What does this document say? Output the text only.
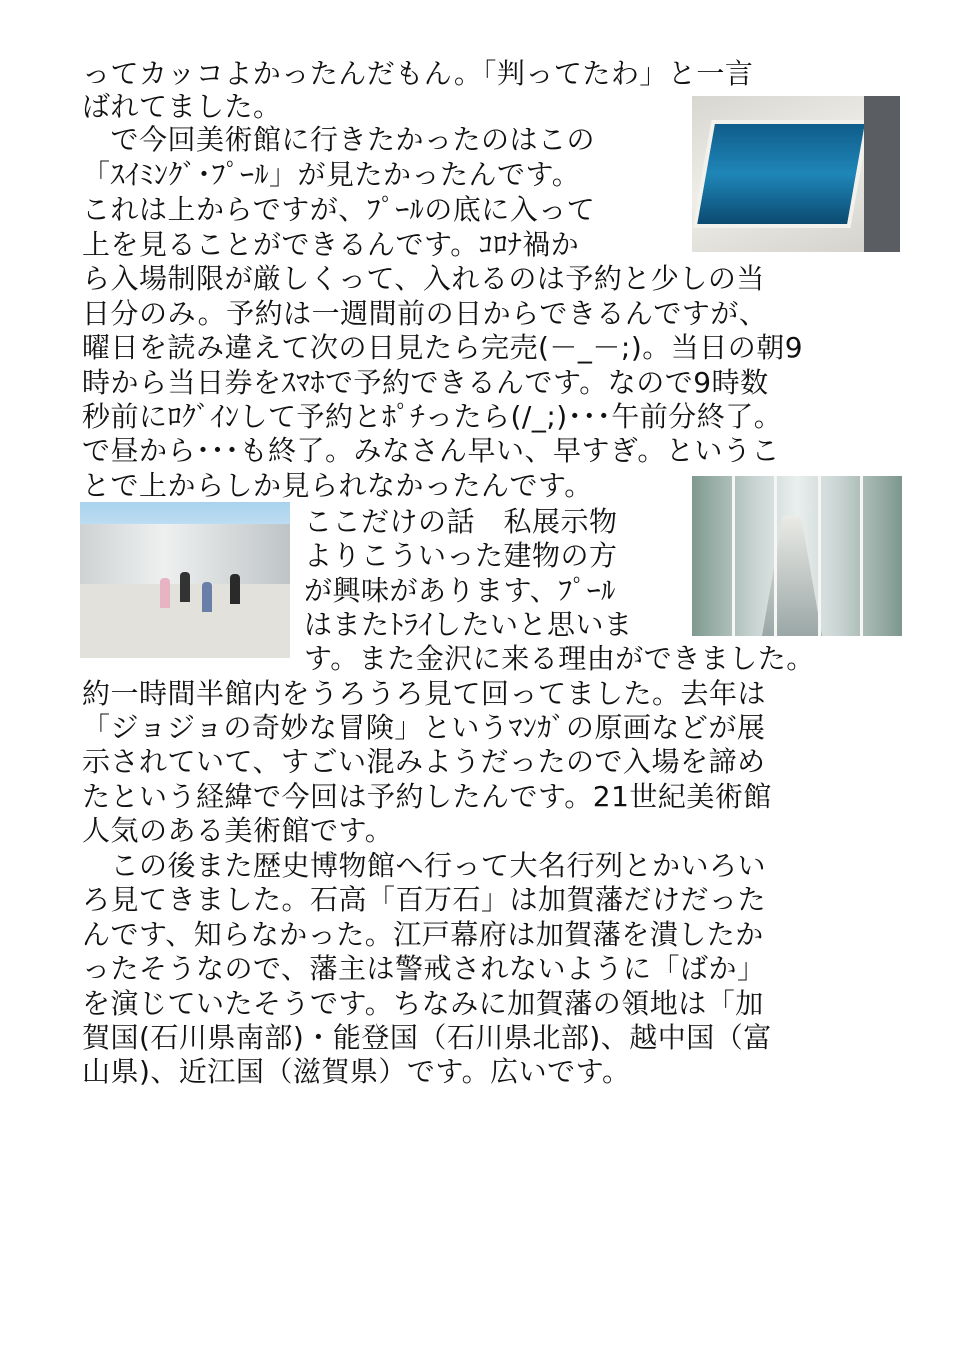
ってカッコよかったんだもん。「判ってたわ」と一言
ばれてました。
　で今回美術館に行きたかったのはこの
「ｽｲﾐﾝｸﾞ･ﾌﾟｰﾙ」が見たかったんです。
これは上からですが、ﾌﾟｰﾙの底に入って
上を見ることができるんです。ｺﾛﾅ禍か
ら入場制限が厳しくって、入れるのは予約と少しの当
日分のみ。予約は一週間前の日からできるんですが、
曜日を読み違えて次の日見たら完売(－_－;)。当日の朝9
時から当日券をｽﾏﾎで予約できるんです。なので9時数
秒前にﾛｸﾞｲﾝして予約とﾎﾟﾁったら(/_;)･･･午前分終了。
で昼から･･･も終了。みなさん早い、早すぎ。というこ
とで上からしか見られなかったんです。
ここだけの話　私展示物
よりこういった建物の方
が興味があります、ﾌﾟｰﾙ
はまたﾄﾗｲしたいと思いま
す。また金沢に来る理由ができました。
約一時間半館内をうろうろ見て回ってました。去年は
「ジョジョの奇妙な冒険」というﾏﾝｶﾞの原画などが展
示されていて、すごい混みようだったので入場を諦め
たという経緯で今回は予約したんです。21世紀美術館
人気のある美術館です。
　この後また歴史博物館へ行って大名行列とかいろい
ろ見てきました。石高「百万石」は加賀藩だけだった
んです、知らなかった。江戸幕府は加賀藩を潰したか
ったそうなので、藩主は警戒されないように「ばか」
を演じていたそうです。ちなみに加賀藩の領地は「加
賀国(石川県南部)・能登国（石川県北部)、越中国（富
山県)、近江国（滋賀県）です。広いです。
